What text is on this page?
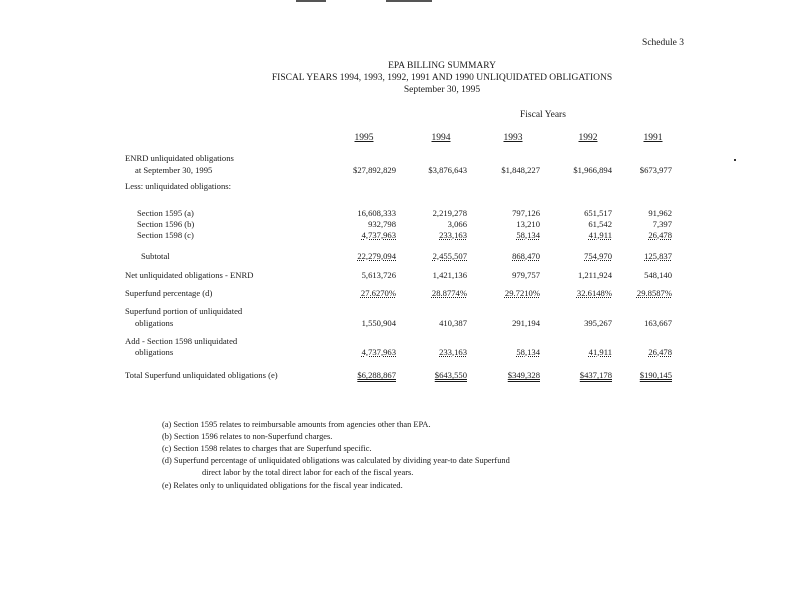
Schedule 3
EPA BILLING SUMMARY
FISCAL YEARS 1994, 1993, 1992, 1991 AND 1990 UNLIQUIDATED OBLIGATIONS
September 30, 1995
Fiscal Years
1995	1994	1993	1992	1991
ENRD unliquidated obligations
at September 30, 1995	$27,892,829	$3,876,643	$1,848,227	$1,966,894	$673,977
Less: unliquidated obligations:
Section 1595 (a)	16,608,333	2,219,278	797,126	651,517	91,962
Section 1596 (b)	932,798	3,066	13,210	61,542	7,397
Section 1598 (c)	4,737,963	233,163	58,134	41,911	26,478
Subtotal	22,279,094	2,455,507	868,470	754,970	125,837
Net unliquidated obligations - ENRD	5,613,726	1,421,136	979,757	1,211,924	548,140
Superfund percentage (d)	27.6270%	28.8774%	29.7210%	32.6148%	29.8587%
Superfund portion of unliquidated
obligations	1,550,904	410,387	291,194	395,267	163,667
Add - Section 1598 unliquidated
obligations	4,737,963	233,163	58,134	41,911	26,478
Total Superfund unliquidated obligations (e)	$6,288,867	$643,550	$349,328	$437,178	$190,145
(a) Section 1595 relates to reimbursable amounts from agencies other than EPA.
(b) Section 1596 relates to non-Superfund charges.
(c) Section 1598 relates to charges that are Superfund specific.
(d) Superfund percentage of unliquidated obligations was calculated by dividing year-to date Superfund
direct labor by the total direct labor for each of the fiscal years.
(e) Relates only to unliquidated obligations for the fiscal year indicated.
